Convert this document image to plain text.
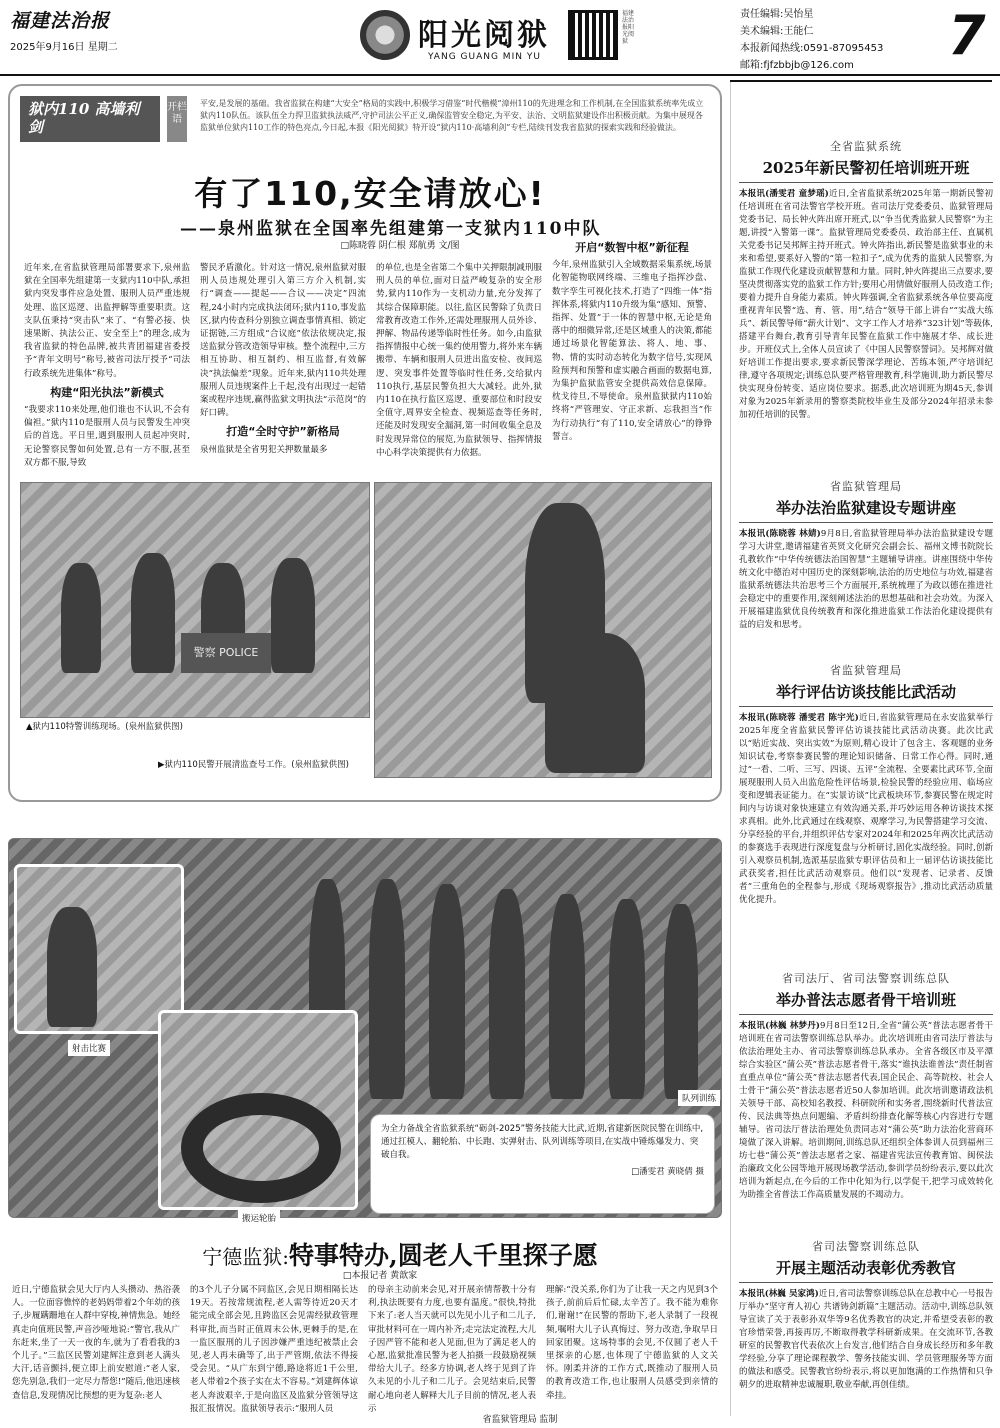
福建法治报
2025年9月16日 星期二	阳光阅狱
YANG GUANG MIN YU
福建法治报阳光阅狱
责任编辑:吴怡星
美术编辑:王能仁
本报新闻热线:0591-87095453
邮箱:fjfzbbjb@126.com	7
狱内110 高墙利剑
开栏语
平安,是发展的基础。我省监狱在构建“大安全”格局的实践中,积极学习借鉴“时代楷模”漳州110的先进理念和工作机制,在全国监狱系统率先成立狱内110队伍。该队伍全力捍卫监狱执法威严,守护司法公平正义,确保监管安全稳定,为平安、法治、文明监狱建设作出积极贡献。为集中展现各监狱单位狱内110工作的特色亮点,今日起,本报《阳光阅狱》特开设“狱内110·高墙利剑”专栏,陆续刊发我省监狱的探索实践和经验做法。
有了110,安全请放心!
——泉州监狱在全国率先组建第一支狱内110中队
□陈晓蓉 阴仁根 郑航勇 文/图

近年来,在省监狱管理局部署要求下,泉州监狱在全国率先组建第一支狱内110中队,承担狱内突发事件应急处置、服刑人员严重违规处理、监区巡逻、出监押解等重要职责。这支队伍秉持“突击队”来了、“有警必接、快速果断、执法公正、安全至上”的理念,成为我省监狱的特色品牌,被共青团福建省委授予“青年文明号”称号,被省司法厅授予“司法行政系统先进集体”称号。

构建“阳光执法”新模式

“我要求110来处理,他们谁也不认识,不会有偏袒。”狱内110是服刑人员与民警发生冲突后的首选。平日里,遇到服刑人员起冲突时,无论警察民警如何处置,总有一方不服,甚至双方都不服,导致

警民矛盾激化。针对这一情况,泉州监狱对服刑人员违规处理引入第三方介入机制,实行“调查——提起——合议——决定”四流程,24小时内完成执法闭环;狱内110,事发监区,狱内传查科分别独立调查事情真相、锁定证据链,三方组成“合议庭”依法依规决定,报送监狱分管改造领导审核。整个流程中,三方相互协助、相互制约、相互监督,有效解决“执法偏差”现象。近年来,狱内110共处理服刑人员违规案件上千起,没有出现过一起错案或程序违规,赢得监狱文明执法“示范岗”的好口碑。

打造“全时守护”新格局

泉州监狱是全省男犯关押数量最多

的单位,也是全省第二个集中关押限制减刑服刑人员的单位,面对日益严峻复杂的安全形势,狱内110作为一支机动力量,充分发挥了其综合保障职能。以往,监区民警除了负责日常教育改造工作外,还需处理服刑人员外诊、押解、物品传递等临时性任务。如今,由监狱指挥情报中心统一集约使用警力,将外来车辆搬带、车辆和服刑人员进出监安检、夜间巡逻、突发事件处置等临时性任务,交给狱内110执行,基层民警负担大大减轻。此外,狱内110在执行监区巡逻、重要部位和时段安全值守,周界安全检查、视频巡查等任务时,还能及时发现安全漏洞,第一时间收集全息及时发现异常位的展览,为监狱领导、指挥情报中心科学决策提供有力依据。

开启“数智中枢”新征程

今年,泉州监狱引入全域数据采集系统,场景化智能物联网终端、三维电子指挥沙盘、数字孪生可视化技术,打造了“四维一体”指挥体系,将狱内110升级为集“感知、预警、指挥、处置”于一体的智慧中枢,无论是角落中的细微异常,还是区域重人的决策,都能通过场景化智能算法、将人、地、事、物、情的实时动态转化为数字信号,实现风险预判和预警和虚实融合画面的数据电算,为集护监狱监管安全提供高效信息保障。枕戈待旦,不辱使命。泉州监狱狱内110始终将“严管理安、守正求新、忘我担当”作为行动执行“有了110,安全请放心”的铮铮誓言。

警察 POLICE
▲狱内110特警训练现场。(泉州监狱供图)
▶狱内110民警开展清监查号工作。(泉州监狱供图)
射击比赛
搬运轮胎
队列训练
为全力备战全省监狱系统“砺剑-2025”警务技能大比武,近期,省建新医院民警在训练中,通过扛模人、翻轮胎、中长跑、实弹射击、队列训练等项目,在实战中锤炼爆发力、突破自我。
□潘雯君 黄晓倩 摄
宁德监狱:特事特办,圆老人千里探子愿
□本报记者 黄歆家
近日,宁德监狱会见大厅内人头攒动、热浴袭人。一位面容憔悴的老妈妈带着2个年幼的孩子,步履蹒跚地在人群中穿梭,神情焦急。她经真走向值班民警,声音沙哑地说:“警官,我从广东赶来,坐了一天一夜的车,就为了看看我的3个儿子。”三监区民警刘建辉注意到老人满头大汗,话音颤抖,便立即上前安慰道:“老人家,您先别急,我们一定尽力帮您!”随后,他迅速核查信息,发现情况比预想的更为复杂:老人
的3个儿子分属不同监区,会见日期相隔长达19天。若按常规流程,老人需等待近20天才能完成全部会见,且跨监区会见需经狱政管理科审批,而当时正值周末公休,更棘手的是,在一监区服刑的儿子因涉嫌严重违纪被禁止会见,老人再未确等了,出于严管期,依法不得接受会见。“从广东到宁德,路途将近1千公里,老人带着2个孩子实在太不容易。”刘建辉体谅老人奔波艰辛,于是向监区及监狱分管领导这报汇报情况。监狱领导表示:“服刑人员
的母亲主动前来会见,对开展亲情帮教十分有利,执法既要有力度,也要有温度。”很快,特批下来了:老人当天就可以先见小儿子和二儿子,审批材料可在一周内补齐;走完法定流程,大儿子因严管不能和老人见面,但为了满足老人的心愿,监狱批准民警为老人拍摄一段鼓励视频带给大儿子。经多方协调,老人终于见到了许久未见的小儿子和二儿子。会见结束后,民警耐心地向老人解释大儿子目前的情况,老人表示
理解:“没关系,你们为了让我一天之内见到3个孩子,前前后后忙碌,太辛苦了。我不能为难你们,谢谢!”在民警的帮助下,老人录制了一段视频,嘱咐大儿子认真悔过、努力改造,争取早日回家团聚。这场特事的会见,不仅圆了老人千里探亲的心愿,也体现了宁德监狱的人文关怀。刚柔并济的工作方式,既推动了服刑人员的教育改造工作,也让服刑人员感受到亲情的牵挂。
全省监狱系统
2025年新民警初任培训班开班
本报讯(潘雯君 童梦瑶)近日,全省监狱系统2025年第一期新民警初任培训班在省司法警官学校开班。省司法厅党委委员、监狱管理局党委书记、局长钟火阵出席开班式,以“争当优秀监狱人民警察”为主题,讲授“入警第一课”。监狱管理局党委委员、政治部主任、直属机关党委书记吴邦辉主持开班式。钟火阵指出,新民警是监狱事业的未来和希望,要系好入警的“第一粒扣子”,成为优秀的监狱人民警察,为监狱工作现代化建设贡献智慧和力量。同时,钟火阵提出三点要求,要坚决贯彻落实党的监狱工作方针;要用心用情做好服刑人员改造工作;要着力提升自身能力素质。钟火阵强调,全省监狱系统各单位要高度重视青年民警“选、育、管、用”,结合“领导干部上讲台”“实战大练兵”、新民警导师“薪火计划”、文字工作人才培养“323计划”等载体,搭建平台舞台,教育引导青年民警在监狱工作中施展才华、成长进步。开班仪式上,全体人员宣读了《中国人民警察誓词》。吴邦辉对做好培训工作提出要求,要求新民警深学理论、苦练本领,严守培训纪律,遵守各项规定;训练总队要严格管理教育,科学施训,助力新民警尽快实现身份转变、适应岗位要求。据悉,此次培训班为期45天,参训对象为2025年新录用的警察类院校毕业生及部分2024年招录未参加初任培训的民警。
省监狱管理局
举办法治监狱建设专题讲座
本报讯(陈晓蓉 林婧)9月8日,省监狱管理局举办法治监狱建设专题学习大讲堂,邀请福建省英贤文化研究会副会长、福州文博书院院长孔教软作“中华传统德法治国智慧”主题辅导讲座。讲座围绕中华传统文化中德治对中国历史的深刻影响,法治的历史地位与功效,福建省监狱系统德法共治思考三个方面展开,系统梳理了为政以德在推进社会稳定中的重要作用,深刻阐述法治的思想基础和社会功效。为深入开展福建监狱优良传统教育和深化推进监狱工作法治化建设提供有益的启发和思考。
省监狱管理局
举行评估访谈技能比武活动
本报讯(陈晓蓉 潘雯君 陈宇光)近日,省监狱管理局在永安监狱举行2025年度全省监狱民警评估访谈技能比武活动决赛。此次比武以“贴近实战、突出实效”为原则,精心设计了包含主、客观题的业务知识试卷,考察参赛民警的理论知识储备、日常工作心得。同时,通过“一看、二听、三写、四谈、五评”全流程、全要素比武环节,全面展现服刑人员入出监危险性评估场景,检验民警的经验应用、临场应变和逻辑表证能力。在“实景访谈”比武板块环节,参赛民警在规定时间内与访谈对象快速建立有效沟通关系,并巧妙运用各种访谈技术探求真相。此外,比武通过在线观察、观摩学习,为民警搭建学习交流、分享经验的平台,并组织评估专家对2024年和2025年两次比武活动的参赛选手表现进行深度复盘与分析研讨,固化实战经验。同时,创新引入观察员机制,选派基层监狱专职评估员和上一届评估访谈技能比武获奖者,担任比武活动观察员。他们以“发现者、记录者、反馈者”三重角色的全程参与,形成《现场观察报告》,推动比武活动质量优化提升。
省司法厅、省司法警察训练总队
举办普法志愿者骨干培训班
本报讯(林巍 林梦丹)9月8日至12日,全省“蒲公英”普法志愿者骨干培训班在省司法警察训练总队举办。此次培训班由省司法厅普法与依法治理处主办、省司法警察训练总队承办。全省各级区市及平潭综合实验区“蒲公英”普法志愿者骨干,落实“谁执法谁普法”责任制省直重点单位“蒲公英”普法志愿者代表,国企民企、高等院校、社会人士骨干“蒲公英”普法志愿者近50人参加培训。此次培训邀请政法机关领导干部、高校知名教授、科研院所和实务者,围绕新时代普法宣传、民法典等热点问题编、矛盾纠纷排查化解等核心内容进行专题辅导。省司法厅普法治理处负责同志对“蒲公英”助力法治化营商环境做了深入讲解。培训期间,训练总队还组织全体参训人员到福州三坊七巷“蒲公英”普法志愿者之家、福建省宪法宣传教育馆、闽侯法治廉政文化公园等地开展现场教学活动,参训学员纷纷表示,要以此次培训为新起点,在今后的工作中化知为行,以学促干,把学习成效转化为助推全省普法工作高质量发展的不竭动力。
省司法警察训练总队
开展主题活动表彰优秀教官
本报讯(林巍 吴家鸿)近日,省司法警察训练总队在总教中心一号报告厅举办“坚守育人初心 共谱铸剑新篇”主题活动。活动中,训练总队领导宣读了关于表彰孙双华等9名优秀教官的决定,并希望受表彰的教官珍惜荣誉,再接再厉,不断取得教学科研新成果。在交流环节,各教研室的民警教官代表依次上台发言,他们结合自身成长经历和多年教学经验,分享了理论课程教学、警务技能实训、学员管理服务等方面的做法和感受。民警教官纷纷表示,将以更加饱满的工作热情和只争朝夕的进取精神忠诚履职,敬业奉献,再创佳绩。
省监狱管理局 监制
